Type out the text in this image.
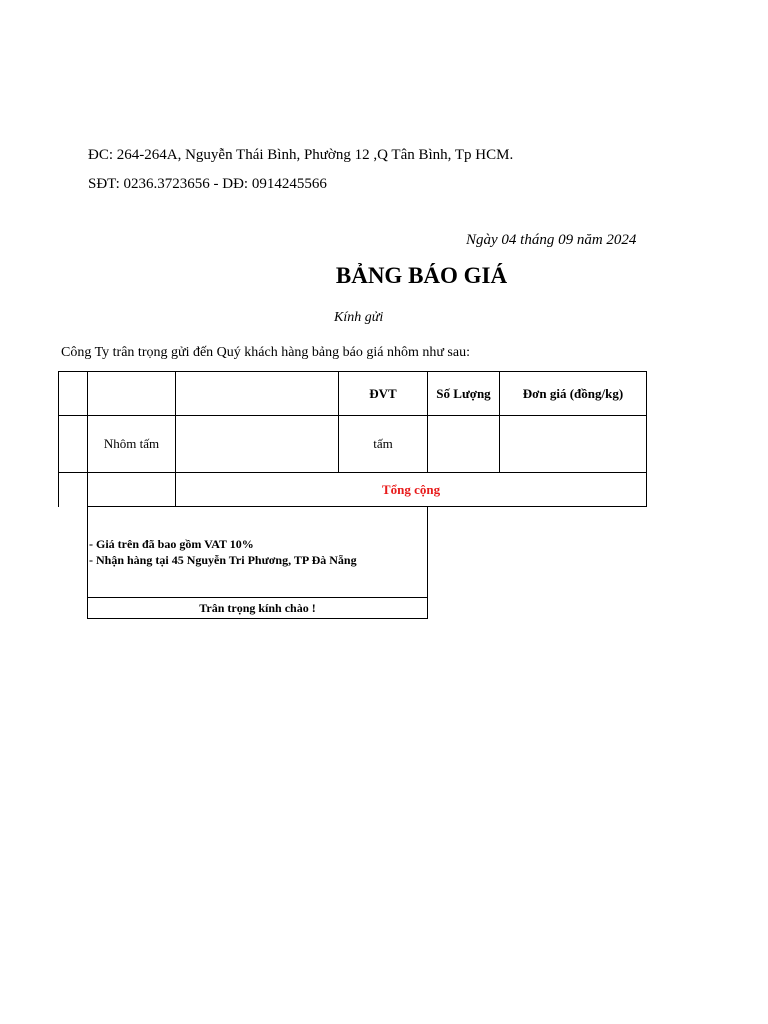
ĐC: 264-264A, Nguyễn Thái Bình, Phường 12 ,Q Tân Bình, Tp HCM.
SĐT: 0236.3723656 - DĐ: 0914245566
Ngày 04 tháng 09 năm 2024
BẢNG BÁO GIÁ
Kính gửi
Công Ty trân trọng gửi đến Quý khách hàng bảng báo giá nhôm như sau:
			ĐVT	Số Lượng	Đơn giá (đồng/kg)
	Nhôm tấm		tấm		
		Tổng cộng			
- Giá trên đã bao gồm VAT 10%
- Nhận hàng tại 45 Nguyễn Tri Phương, TP Đà Nẵng

Trân trọng kính chào !
